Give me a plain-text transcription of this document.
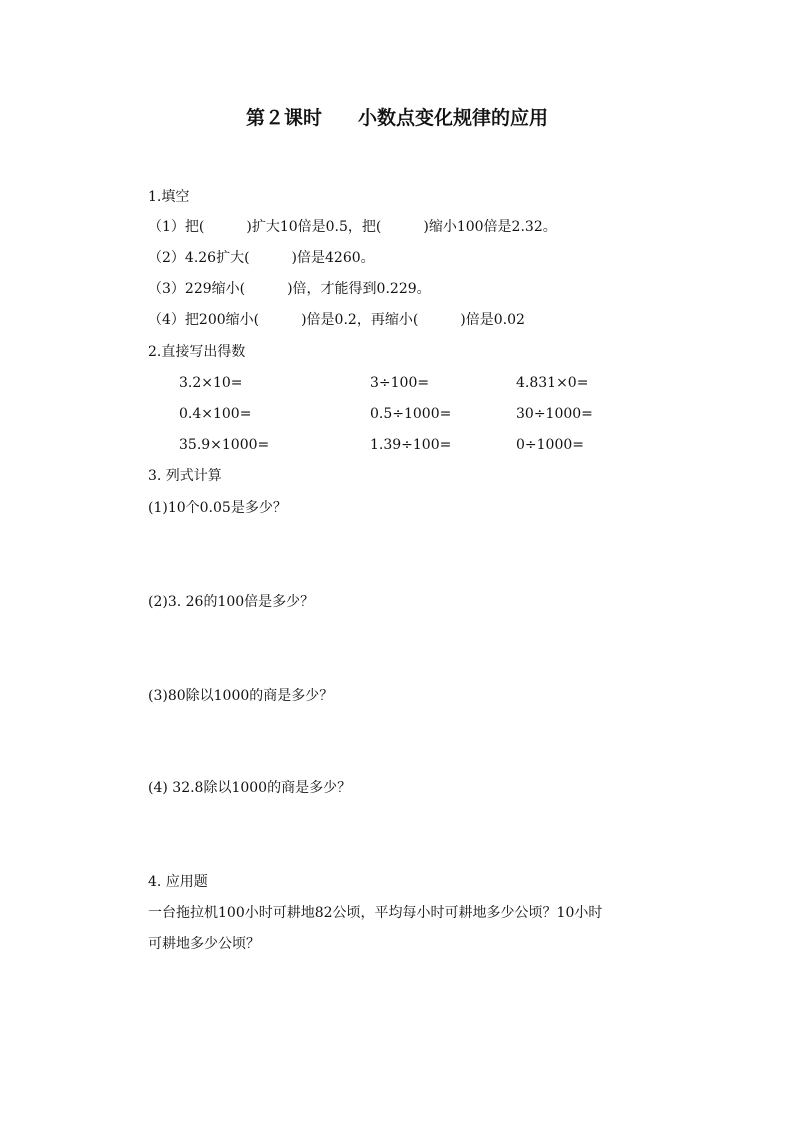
第２课时 小数点变化规律的应用
1.填空
（1）把(　　　)扩大10倍是0.5，把(　　　)缩小100倍是2.32。
（2）4.26扩大(　　　)倍是4260。
（3）229缩小(　　　)倍，才能得到0.229。
（4）把200缩小(　　　)倍是0.2，再缩小(　　　)倍是0.02
2.直接写出得数
3.2×10=	3÷100=	4.831×0=
0.4×100=	0.5÷1000=	30÷1000=
35.9×1000=	1.39÷100=	0÷1000=
3. 列式计算
(1)10个0.05是多少？
(2)3. 26的100倍是多少？
(3)80除以1000的商是多少？
(4) 32.8除以1000的商是多少？
4. 应用题
一台拖拉机100小时可耕地82公顷，平均每小时可耕地多少公顷？10小时
可耕地多少公顷？
